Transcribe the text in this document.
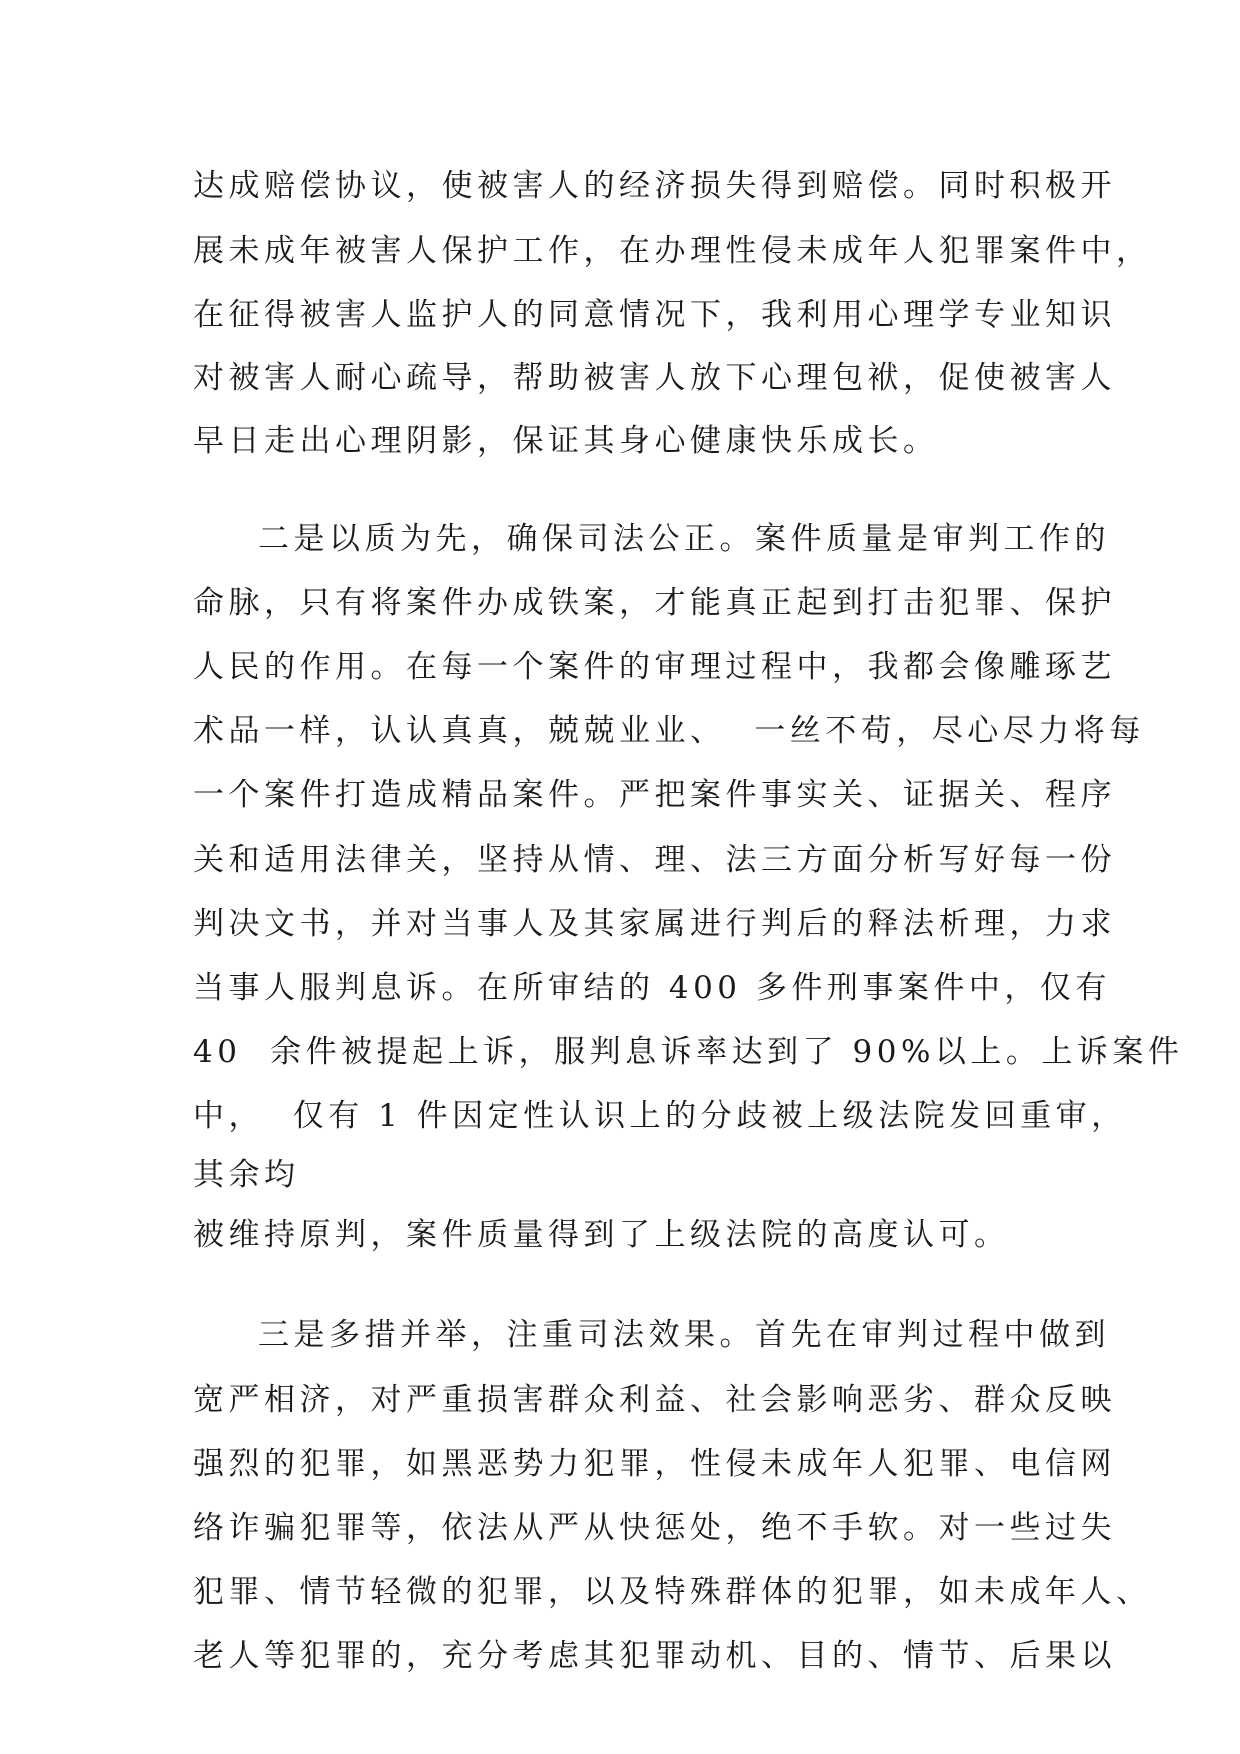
达成赔偿协议，使被害人的经济损失得到赔偿。同时积极开
展未成年被害人保护工作，在办理性侵未成年人犯罪案件中，
在征得被害人监护人的同意情况下，我利用心理学专业知识
对被害人耐心疏导，帮助被害人放下心理包袱，促使被害人
早日走出心理阴影，保证其身心健康快乐成长。
二是以质为先，确保司法公正。案件质量是审判工作的
命脉，只有将案件办成铁案，才能真正起到打击犯罪、保护
人民的作用。在每一个案件的审理过程中，我都会像雕琢艺
术品一样，认认真真，兢兢业业、  一丝不苟，尽心尽力将每
一个案件打造成精品案件。严把案件事实关、证据关、程序
关和适用法律关，坚持从情、理、法三方面分析写好每一份
判决文书，并对当事人及其家属进行判后的释法析理，力求
当事人服判息诉。在所审结的 400 多件刑事案件中，仅有
40  余件被提起上诉，服判息诉率达到了 90%以上。上诉案件
中，  仅有 1 件因定性认识上的分歧被上级法院发回重审，
其余均
被维持原判，案件质量得到了上级法院的高度认可。
三是多措并举，注重司法效果。首先在审判过程中做到
宽严相济，对严重损害群众利益、社会影响恶劣、群众反映
强烈的犯罪，如黑恶势力犯罪，性侵未成年人犯罪、电信网
络诈骗犯罪等，依法从严从快惩处，绝不手软。对一些过失
犯罪、情节轻微的犯罪，以及特殊群体的犯罪，如未成年人、
老人等犯罪的，充分考虑其犯罪动机、目的、情节、后果以
